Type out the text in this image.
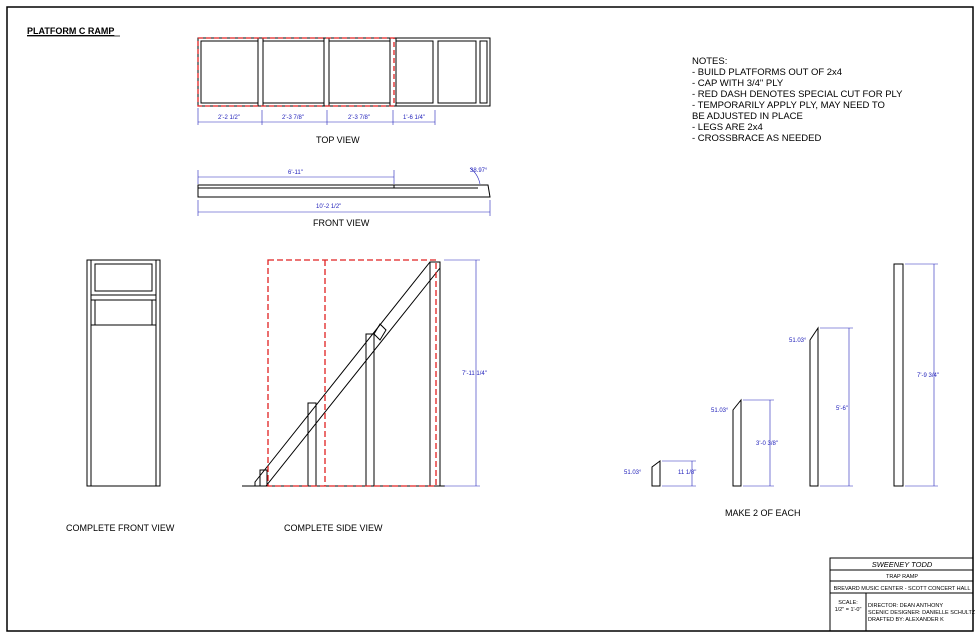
PLATFORM C RAMP
2'-2 1/2"	2'-3 7/8"	2'-3 7/8"	1'-6 1/4"
TOP VIEW
6'-11"	38.97°
10'-2 1/2"
FRONT VIEW
COMPLETE FRONT VIEW
7'-11 1/4"
COMPLETE SIDE VIEW
NOTES:
- BUILD PLATFORMS OUT OF 2x4
- CAP WITH 3/4" PLY
- RED DASH DENOTES SPECIAL CUT FOR PLY
- TEMPORARILY APPLY PLY, MAY NEED TO
BE ADJUSTED IN PLACE
- LEGS ARE 2x4
- CROSSBRACE AS NEEDED
51.03°	11 1/8"
51.03°
3'-0 3/8"
51.03°
5'-6"
7'-9 3/4"
MAKE 2 OF EACH
SWEENEY TODD
TRAP RAMP
BREVARD MUSIC CENTER - SCOTT CONCERT HALL
SCALE:
1/2" = 1'-0"
DIRECTOR: DEAN ANTHONY
SCENIC DESIGNER: DANIELLE SCHULTZ
DRAFTED BY: ALEXANDER K
